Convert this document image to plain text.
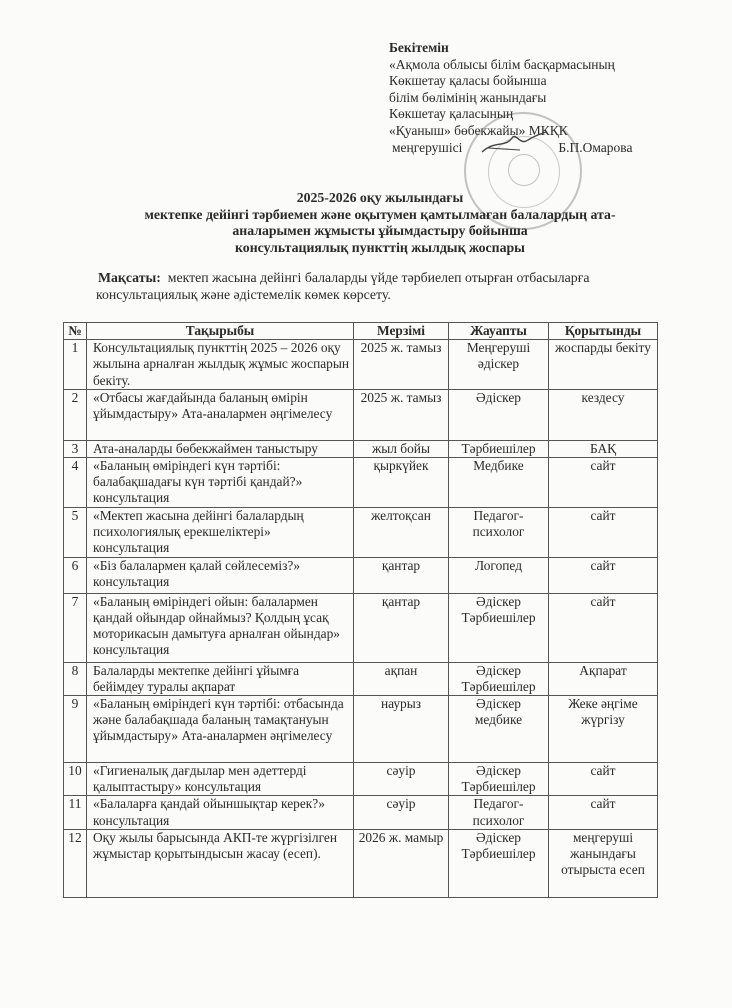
Бекітемін
«Ақмола облысы білім басқармасының
Көкшетау қаласы бойынша
білім бөлімінің жанындағы
Көкшетау қаласының
«Қуаныш» бөбекжайы» МКҚК
меңгерушісі	Б.П.Омарова
2025-2026 оқу жылындағы
мектепке дейінгі тәрбиемен және оқытумен қамтылмаған балалардың ата-
аналарымен жұмысты ұйымдастыру бойынша
консультациялық пункттің жылдық жоспары
Мақсаты: мектеп жасына дейінгі балаларды үйде тәрбиелеп отырған отбасыларға
консультациялық және әдістемелік көмек көрсету.
№	Тақырыбы	Мерзімі	Жауапты	Қорытынды
1	Консультациялық пункттің 2025 – 2026 оқу жылына арналған жылдық жұмыс жоспарын бекіту.	2025 ж. тамыз	Меңгеруші әдіскер	жоспарды бекіту
2	«Отбасы жағдайында баланың өмірін ұйымдастыру» Ата-аналармен әңгімелесу	2025 ж. тамыз	Әдіскер	кездесу
3	Ата-аналарды бөбекжаймен таныстыру	жыл бойы	Тәрбиешілер	БАҚ
4	«Баланың өміріндегі күн тәртібі: балабақшадағы күн тәртібі қандай?» консультация	қыркүйек	Медбике	сайт
5	«Мектеп жасына дейінгі балалардың психологиялық ерекшеліктері» консультация	желтоқсан	Педагог-психолог	сайт
6	«Біз балалармен қалай сөйлесеміз?» консультация	қантар	Логопед	сайт
7	«Баланың өміріндегі ойын: балалармен қандай ойындар ойнаймыз? Қолдың ұсақ моторикасын дамытуға арналған ойындар» консультация	қантар	Әдіскер Тәрбиешілер	сайт
8	Балаларды мектепке дейінгі ұйымға бейімдеу туралы ақпарат	ақпан	Әдіскер Тәрбиешілер	Ақпарат
9	«Баланың өміріндегі күн тәртібі: отбасында және балабақшада баланың тамақтануын ұйымдастыру» Ата-аналармен әңгімелесу	наурыз	Әдіскер медбике	Жеке әңгіме жүргізу
10	«Гигиеналық дағдылар мен әдеттерді қалыптастыру» консультация	сәуір	Әдіскер Тәрбиешілер	сайт
11	«Балаларға қандай ойыншықтар керек?» консультация	сәуір	Педагог-психолог	сайт
12	Оқу жылы барысында АКП-те жүргізілген жұмыстар қорытындысын жасау (есеп).	2026 ж. мамыр	Әдіскер Тәрбиешілер	меңгеруші жанындағы отырыста есеп
